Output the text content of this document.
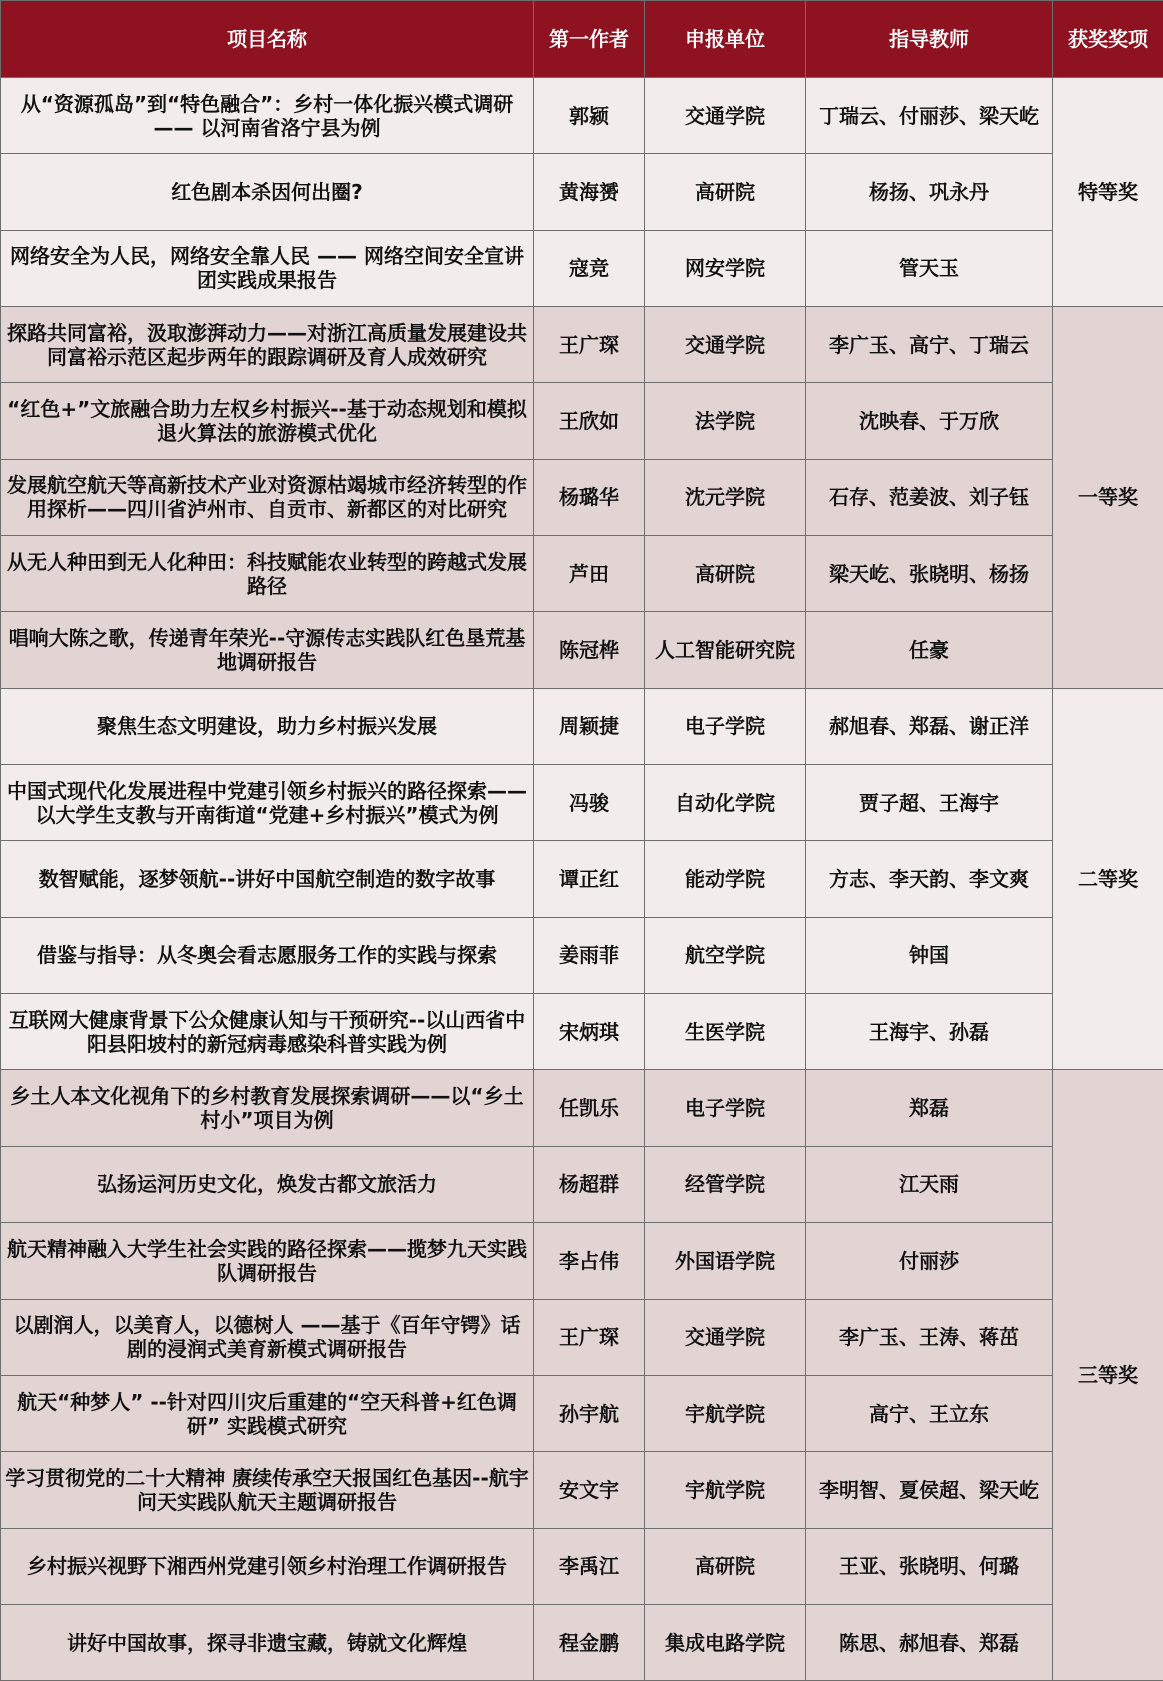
项目名称	第一作者	申报单位	指导教师	获奖奖项
从“资源孤岛”到“特色融合”：乡村一体化振兴模式调研—— 以河南省洛宁县为例	郭颍	交通学院	丁瑞云、付丽莎、梁天屹	特等奖
红色剧本杀因何出圈?	黄海赟	高研院	杨扬、巩永丹	
网络安全为人民，网络安全靠人民 —— 网络空间安全宣讲团实践成果报告	寇竞	网安学院	管天玉	
探路共同富裕，汲取澎湃动力——对浙江高质量发展建设共同富裕示范区起步两年的跟踪调研及育人成效研究	王广琛	交通学院	李广玉、高宁、丁瑞云	一等奖
“红色+”文旅融合助力左权乡村振兴--基于动态规划和模拟退火算法的旅游模式优化	王欣如	法学院	沈映春、于万欣	
发展航空航天等高新技术产业对资源枯竭城市经济转型的作用探析——四川省泸州市、自贡市、新都区的对比研究	杨璐华	沈元学院	石存、范姜波、刘子钰	
从无人种田到无人化种田：科技赋能农业转型的跨越式发展路径	芦田	高研院	梁天屹、张晓明、杨扬	
唱响大陈之歌，传递青年荣光--守源传志实践队红色垦荒基地调研报告	陈冠桦	人工智能研究院	任豪	
聚焦生态文明建设，助力乡村振兴发展	周颖捷	电子学院	郝旭春、郑磊、谢正洋	二等奖
中国式现代化发展进程中党建引领乡村振兴的路径探索——以大学生支教与开南街道“党建+乡村振兴”模式为例	冯骏	自动化学院	贾子超、王海宇	
数智赋能，逐梦领航--讲好中国航空制造的数字故事	谭正红	能动学院	方志、李天韵、李文爽	
借鉴与指导：从冬奥会看志愿服务工作的实践与探索	姜雨菲	航空学院	钟国	
互联网大健康背景下公众健康认知与干预研究--以山西省中阳县阳坡村的新冠病毒感染科普实践为例	宋炳琪	生医学院	王海宇、孙磊	
乡土人本文化视角下的乡村教育发展探索调研——以“乡土村小”项目为例	任凯乐	电子学院	郑磊	三等奖
弘扬运河历史文化，焕发古都文旅活力	杨超群	经管学院	江天雨	
航天精神融入大学生社会实践的路径探索——揽梦九天实践队调研报告	李占伟	外国语学院	付丽莎	
以剧润人，以美育人，以德树人 ——基于《百年守锷》话剧的浸润式美育新模式调研报告	王广琛	交通学院	李广玉、王涛、蒋茁	
航天“种梦人” --针对四川灾后重建的“空天科普+红色调研” 实践模式研究	孙宇航	宇航学院	高宁、王立东	
学习贯彻党的二十大精神 赓续传承空天报国红色基因--航宇问天实践队航天主题调研报告	安文宇	宇航学院	李明智、夏侯超、梁天屹	
乡村振兴视野下湘西州党建引领乡村治理工作调研报告	李禹江	高研院	王亚、张晓明、何璐	
讲好中国故事，探寻非遗宝藏，铸就文化辉煌	程金鹏	集成电路学院	陈思、郝旭春、郑磊	
